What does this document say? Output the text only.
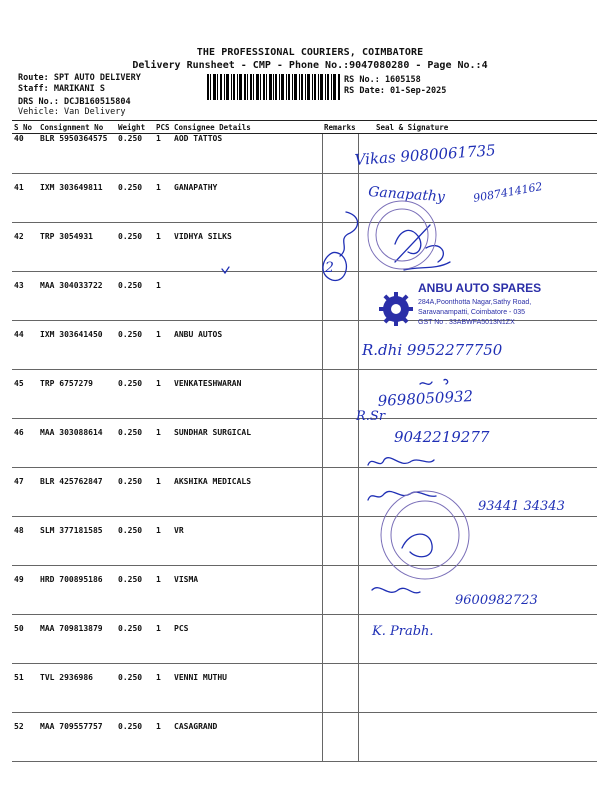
THE PROFESSIONAL COURIERS, COIMBATORE
Delivery Runsheet - CMP - Phone No.:9047080280 - Page No.:4
Route: SPT AUTO DELIVERY
Staff: MARIKANI S
DRS No.: DCJB160515804
Vehicle: Van Delivery
RS No.: 1605158
RS Date: 01-Sep-2025
S No	Consignment No	Weight	PCS	Consignee Details	Remarks	Seal & Signature
40	BLR 5950364575	0.250	1	AOD TATTOS		
41	IXM 303649811	0.250	1	GANAPATHY		
42	TRP 3054931	0.250	1	VIDHYA SILKS		
43	MAA 304033722	0.250	1			
44	IXM 303641450	0.250	1	ANBU AUTOS		
45	TRP 6757279	0.250	1	VENKATESHWARAN		
46	MAA 303088614	0.250	1	SUNDHAR SURGICAL		
47	BLR 425762847	0.250	1	AKSHIKA MEDICALS		
48	SLM 377181585	0.250	1	VR		
49	HRD 700895186	0.250	1	VISMA		
50	MAA 709813879	0.250	1	PCS		
51	TVL 2936986	0.250	1	VENNI MUTHU		
52	MAA 709557757	0.250	1	CASAGRAND		
Vikas 9080061735
Ganapathy 9087414162
2
R.dhi 9952277750
9698050932
R.Sr
9042219277
93441 34343
9600982723
K. Prabh.
ANBU AUTO SPARES
284A,Poonthotta Nagar,Sathy Road,
Saravanampatti, Coimbatore - 035
GST No : 33ABWFA5013N1ZX
